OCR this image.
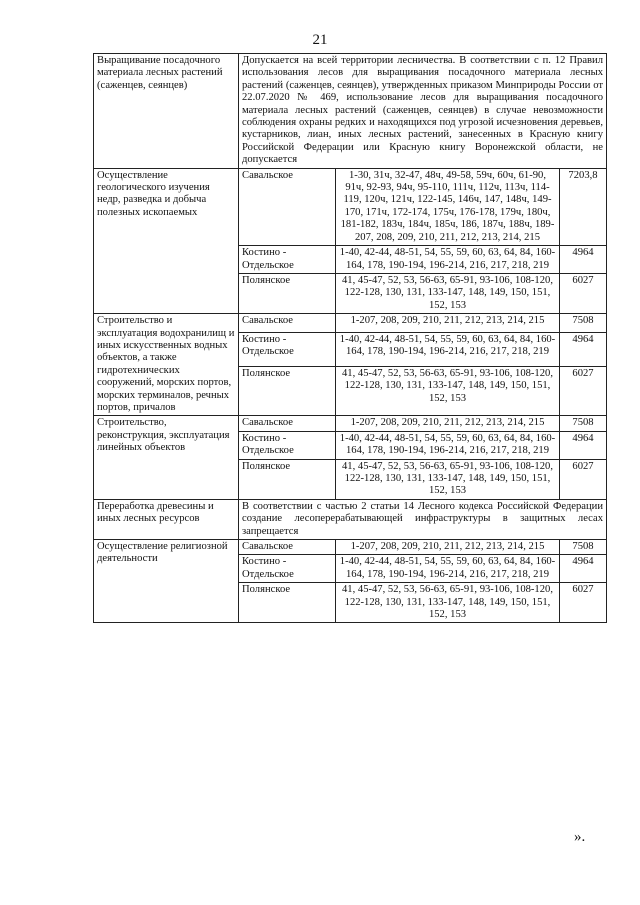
21
Выращивание посадочного материала лесных растений (саженцев, сеянцев)	Допускается на всей территории лесничества. В соответствии с п. 12 Правил использования лесов для выращивания посадочного материала лесных растений (саженцев, сеянцев), утвержденных приказом Минприроды России от 22.07.2020 № 469, использование лесов для выращивания посадочного материала лесных растений (саженцев, сеянцев) в случае невозможности соблюдения охраны редких и находящихся под угрозой исчезновения деревьев, кустарников, лиан, иных лесных растений, занесенных в Красную книгу Российской Федерации или Красную книгу Воронежской области, не допускается		
Осуществление геологического изучения недр, разведка и добыча полезных ископаемых	Савальское	1-30, 31ч, 32-47, 48ч, 49-58, 59ч, 60ч, 61-90, 91ч, 92-93, 94ч, 95-110, 111ч, 112ч, 113ч, 114-119, 120ч, 121ч, 122-145, 146ч, 147, 148ч, 149-170, 171ч, 172-174, 175ч, 176-178, 179ч, 180ч, 181-182, 183ч, 184ч, 185ч, 186, 187ч, 188ч, 189-207, 208, 209, 210, 211, 212, 213, 214, 215	7203,8
	Костино - Отдельское	1-40, 42-44, 48-51, 54, 55, 59, 60, 63, 64, 84, 160-164, 178, 190-194, 196-214, 216, 217, 218, 219	4964
	Полянское	41, 45-47, 52, 53, 56-63, 65-91, 93-106, 108-120, 122-128, 130, 131, 133-147, 148, 149, 150, 151, 152, 153	6027
Строительство и эксплуатация водохранилищ и иных искусственных водных объектов, а также гидротехнических сооружений, морских портов, морских терминалов, речных портов, причалов	Савальское	1-207, 208, 209, 210, 211, 212, 213, 214, 215	7508
	Костино - Отдельское	1-40, 42-44, 48-51, 54, 55, 59, 60, 63, 64, 84, 160-164, 178, 190-194, 196-214, 216, 217, 218, 219	4964
	Полянское	41, 45-47, 52, 53, 56-63, 65-91, 93-106, 108-120, 122-128, 130, 131, 133-147, 148, 149, 150, 151, 152, 153	6027
Строительство, реконструкция, эксплуатация линейных объектов	Савальское	1-207, 208, 209, 210, 211, 212, 213, 214, 215	7508
	Костино - Отдельское	1-40, 42-44, 48-51, 54, 55, 59, 60, 63, 64, 84, 160-164, 178, 190-194, 196-214, 216, 217, 218, 219	4964
	Полянское	41, 45-47, 52, 53, 56-63, 65-91, 93-106, 108-120, 122-128, 130, 131, 133-147, 148, 149, 150, 151, 152, 153	6027
Переработка древесины и иных лесных ресурсов	В соответствии с частью 2 статьи 14 Лесного кодекса Российской Федерации создание лесоперерабатывающей инфраструктуры в защитных лесах запрещается		
Осуществление религиозной деятельности	Савальское	1-207, 208, 209, 210, 211, 212, 213, 214, 215	7508
	Костино - Отдельское	1-40, 42-44, 48-51, 54, 55, 59, 60, 63, 64, 84, 160-164, 178, 190-194, 196-214, 216, 217, 218, 219	4964
	Полянское	41, 45-47, 52, 53, 56-63, 65-91, 93-106, 108-120, 122-128, 130, 131, 133-147, 148, 149, 150, 151, 152, 153	6027
».
